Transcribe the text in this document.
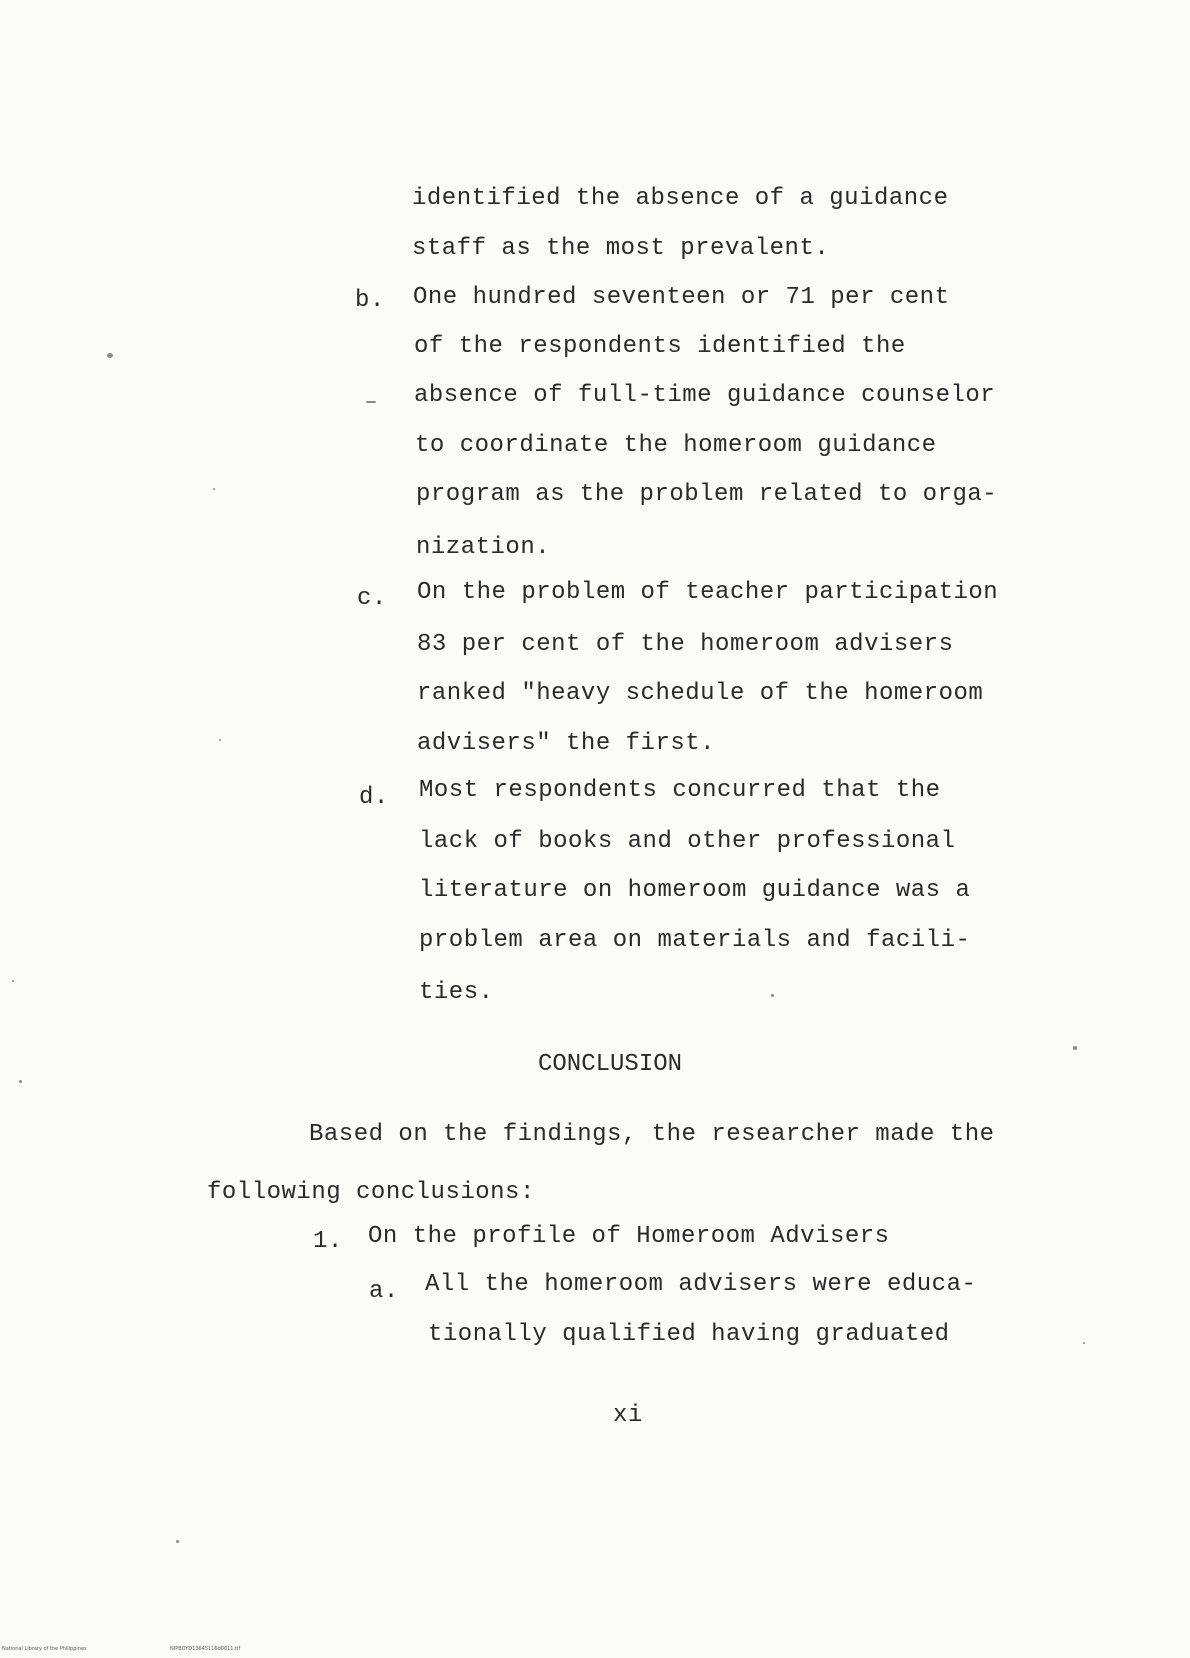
identified the absence of a guidance
staff as the most prevalent.
b. One hundred seventeen or 71 per cent
of the respondents identified the
absence of full-time guidance counselor
to coordinate the homeroom guidance
program as the problem related to orga-
nization.
c. On the problem of teacher participation
83 per cent of the homeroom advisers
ranked "heavy schedule of the homeroom
advisers" the first.
d. Most respondents concurred that the
lack of books and other professional
literature on homeroom guidance was a
problem area on materials and facili-
ties.
CONCLUSION
Based on the findings, the researcher made the
following conclusions:
1. On the profile of Homeroom Advisers
a. All the homeroom advisers were educa-
tionally qualified having graduated
xi
National Library of the Philippines	NIPBOYD13645116d0011.tif
